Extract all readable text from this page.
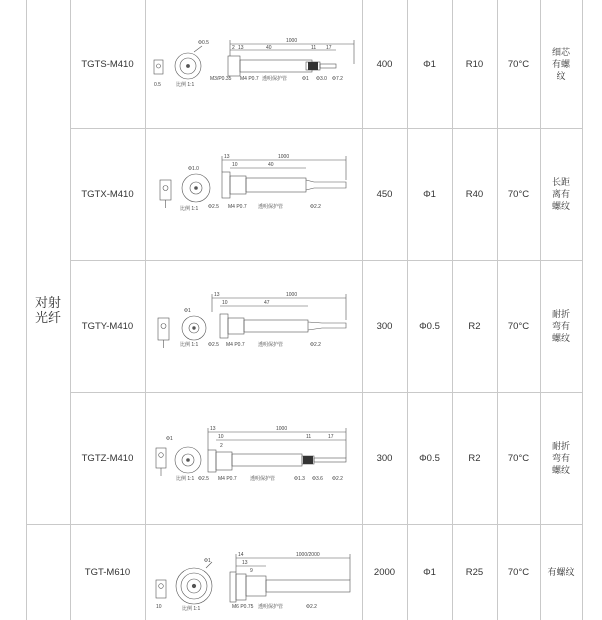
对射光纤
TGTS-M410	400	Φ1	R10	70°C
细芯有螺纹
1000
2 13	40	11 17
Φ0.5
比例 1:1
0.5
M3/P0.35 M4 P0.7 透明保护管	Φ1 Φ3.0 Φ7.2
TGTX-M410	450	Φ1	R40	70°C
长距离有螺纹
1000
13
10	40
Φ1.0
比例 1:1 Φ2.5 M4 P0.7 透明保护管	Φ2.2
TGTY-M410	300	Φ0.5	R2	70°C
耐折弯有螺纹
1000
13
10	47
Φ1
比例 1:1 Φ2.5 M4 P0.7	透明保护管	Φ2.2
TGTZ-M410	300	Φ0.5	R2	70°C
耐折弯有螺纹
1000
13
10
2
11	17
Φ1
比例 1:1 Φ2.5 M4 P0.7	透明保护管	Φ1.3 Φ3.6 Φ2.2
TGT-M610	2000	Φ1	R25	70°C	有螺纹
1000/2000
14
13
9
Φ1
比例 1:1
10	M6 P0.75 透明保护管	Φ2.2
